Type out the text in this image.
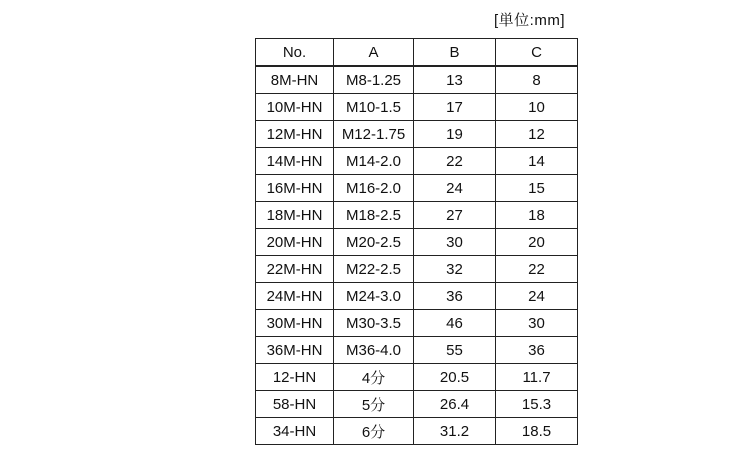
[単位:mm]
No.	A	B	C
8M-HN	M8-1.25	13	8
10M-HN	M10-1.5	17	10
12M-HN	M12-1.75	19	12
14M-HN	M14-2.0	22	14
16M-HN	M16-2.0	24	15
18M-HN	M18-2.5	27	18
20M-HN	M20-2.5	30	20
22M-HN	M22-2.5	32	22
24M-HN	M24-3.0	36	24
30M-HN	M30-3.5	46	30
36M-HN	M36-4.0	55	36
12-HN	4分	20.5	11.7
58-HN	5分	26.4	15.3
34-HN	6分	31.2	18.5
